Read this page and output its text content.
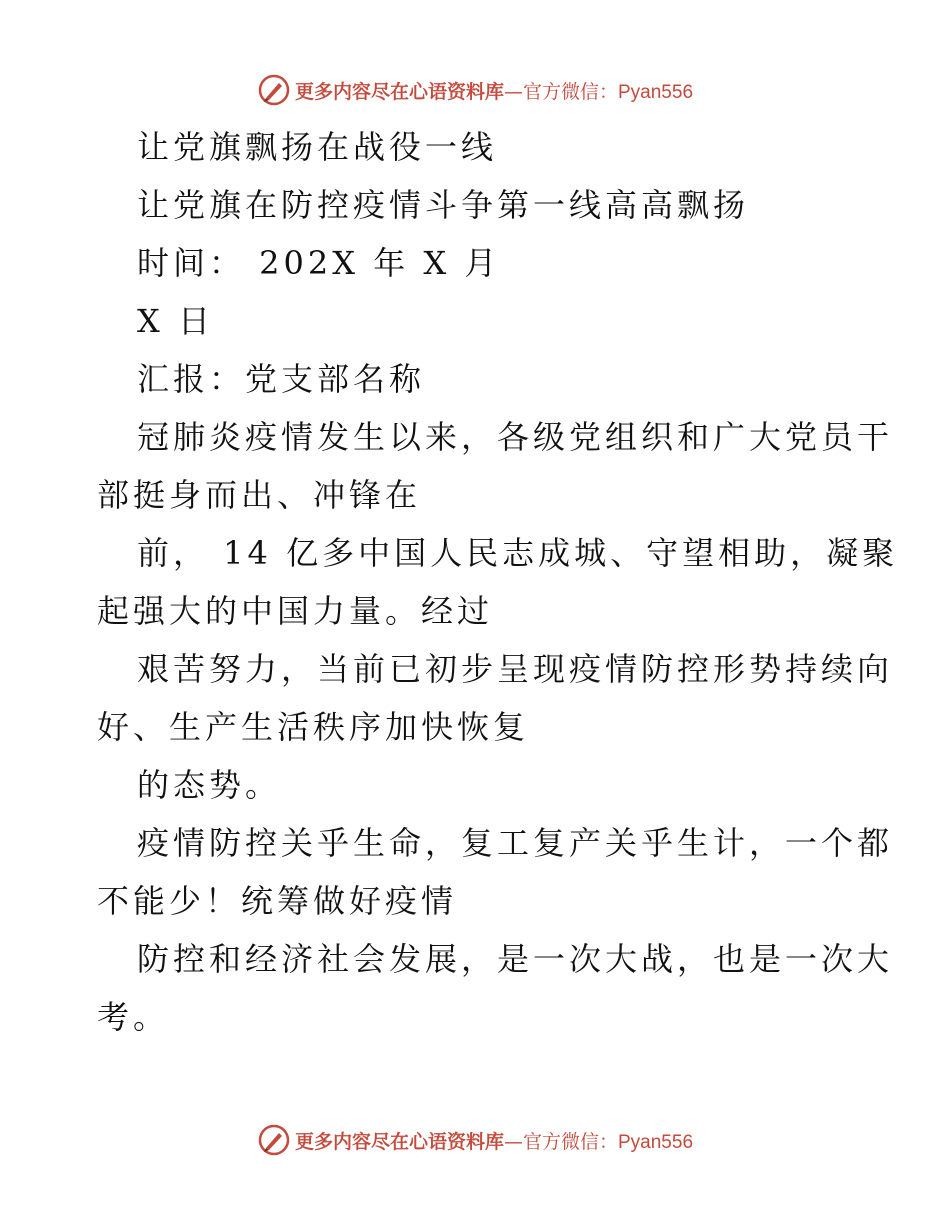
更多内容尽在心语资料库—官方微信：Pyan556
让党旗飘扬在战役一线
让党旗在防控疫情斗争第一线高高飘扬
时间： 202X 年 X 月
X 日
汇报：党支部名称
冠肺炎疫情发生以来，各级党组织和广大党员干
部挺身而出、冲锋在
前， 14 亿多中国人民志成城、守望相助，凝聚
起强大的中国力量。经过
艰苦努力，当前已初步呈现疫情防控形势持续向
好、生产生活秩序加快恢复
的态势。
疫情防控关乎生命，复工复产关乎生计，一个都
不能少！统筹做好疫情
防控和经济社会发展，是一次大战，也是一次大
考。
更多内容尽在心语资料库—官方微信：Pyan556
